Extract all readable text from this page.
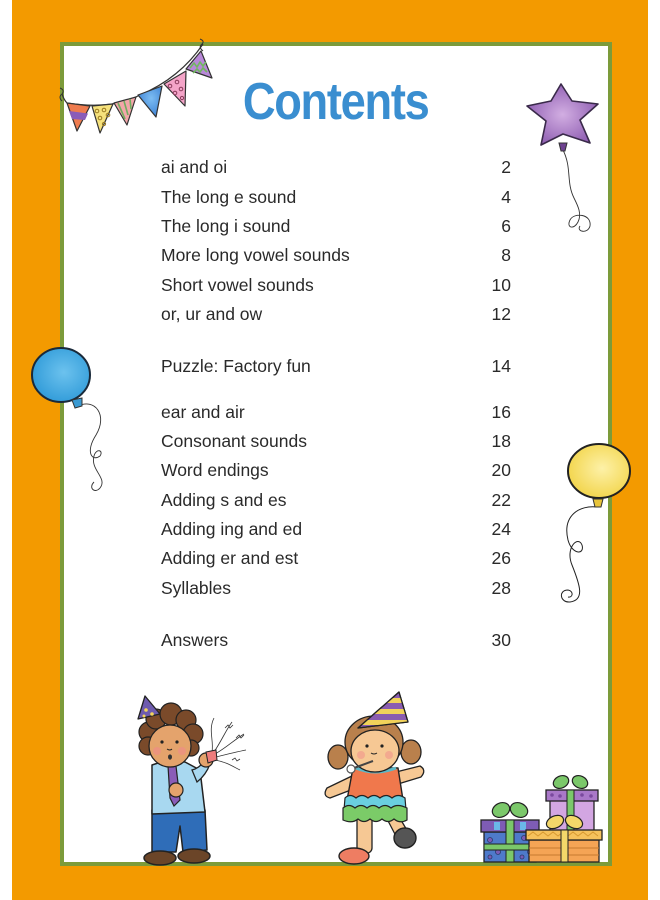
Contents
ai and oi	2
The long e sound	4
The long i sound	6
More long vowel sounds	8
Short vowel sounds	10
or, ur and ow	12
Puzzle: Factory fun	14
ear and air	16
Consonant sounds	18
Word endings	20
Adding s and es	22
Adding ing and ed	24
Adding er and est	26
Syllables	28
Answers	30
